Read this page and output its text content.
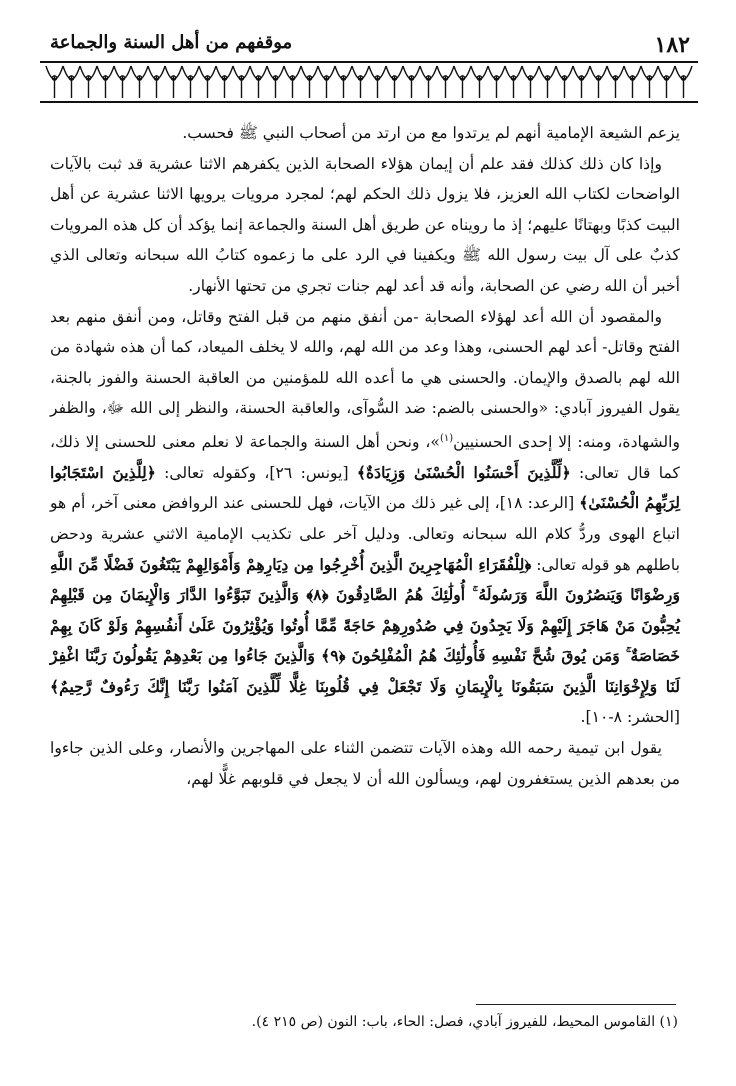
١٨٢
موقفهم من أهل السنة والجماعة

يزعم الشيعة الإمامية أنهم لم يرتدوا مع من ارتد من أصحاب النبي ﷺ فحسب.

وإذا كان ذلك كذلك فقد علم أن إيمان هؤلاء الصحابة الذين يكفرهم الاثنا عشرية قد ثبت بالآيات الواضحات لكتاب الله العزيز، فلا يزول ذلك الحكم لهم؛ لمجرد مرويات يرويها الاثنا عشرية عن أهل البيت كذبًا وبهتانًا عليهم؛ إذ ما رويناه عن طريق أهل السنة والجماعة إنما يؤكد أن كل هذه المرويات كذبٌ على آل بيت رسول الله ﷺ ويكفينا في الرد على ما زعموه كتابُ الله سبحانه وتعالى الذي أخبر أن الله رضي عن الصحابة، وأنه قد أعد لهم جنات تجري من تحتها الأنهار.

والمقصود أن الله أعد لهؤلاء الصحابة -من أنفق منهم من قبل الفتح وقاتل، ومن أنفق منهم بعد الفتح وقاتل- أعد لهم الحسنى، وهذا وعد من الله لهم، والله لا يخلف الميعاد، كما أن هذه شهادة من الله لهم بالصدق والإيمان. والحسنى هي ما أعده الله للمؤمنين من العاقبة الحسنة والفوز بالجنة، يقول الفيروز آبادي: «والحسنى بالضم: ضد السُّوآى، والعاقبة الحسنة، والنظر إلى الله ﷻ، والظفر والشهادة، ومنه: إلا إحدى الحسنيين$^{(١)}$»، ونحن أهل السنة والجماعة لا نعلم معنى للحسنى إلا ذلك، كما قال تعالى: ﴿لِّلَّذِينَ أَحْسَنُوا الْحُسْنَىٰ وَزِيَادَةٌ﴾ [يونس: ٢٦]، وكقوله تعالى: ﴿لِلَّذِينَ اسْتَجَابُوا لِرَبِّهِمُ الْحُسْنَىٰ﴾ [الرعد: ١٨]، إلى غير ذلك من الآيات، فهل للحسنى عند الروافض معنى آخر، أم هو اتباع الهوى وردُّ كلام الله سبحانه وتعالى. ودليل آخر على تكذيب الإمامية الاثني عشرية ودحض باطلهم هو قوله تعالى: ﴿لِلْفُقَرَاءِ الْمُهَاجِرِينَ الَّذِينَ أُخْرِجُوا مِن دِيَارِهِمْ وَأَمْوَالِهِمْ يَبْتَغُونَ فَضْلًا مِّنَ اللَّهِ وَرِضْوَانًا وَيَنصُرُونَ اللَّهَ وَرَسُولَهُ ۚ أُولَٰئِكَ هُمُ الصَّادِقُونَ ﴿٨﴾ وَالَّذِينَ تَبَوَّءُوا الدَّارَ وَالْإِيمَانَ مِن قَبْلِهِمْ يُحِبُّونَ مَنْ هَاجَرَ إِلَيْهِمْ وَلَا يَجِدُونَ فِي صُدُورِهِمْ حَاجَةً مِّمَّا أُوتُوا وَيُؤْثِرُونَ عَلَىٰ أَنفُسِهِمْ وَلَوْ كَانَ بِهِمْ خَصَاصَةٌ ۚ وَمَن يُوقَ شُحَّ نَفْسِهِ فَأُولَٰئِكَ هُمُ الْمُفْلِحُونَ ﴿٩﴾ وَالَّذِينَ جَاءُوا مِن بَعْدِهِمْ يَقُولُونَ رَبَّنَا اغْفِرْ لَنَا وَلِإِخْوَانِنَا الَّذِينَ سَبَقُونَا بِالْإِيمَانِ وَلَا تَجْعَلْ فِي قُلُوبِنَا غِلًّا لِّلَّذِينَ آمَنُوا رَبَّنَا إِنَّكَ رَءُوفٌ رَّحِيمٌ﴾ [الحشر: ٨-١٠].

يقول ابن تيمية رحمه الله وهذه الآيات تتضمن الثناء على المهاجرين والأنصار، وعلى الذين جاءوا من بعدهم الذين يستغفرون لهم، ويسألون الله أن لا يجعل في قلوبهم غلًّا لهم،

(١) القاموس المحيط، للفيروز آبادي، فصل: الحاء، باب: النون (ص ٢١٥ ٤).
